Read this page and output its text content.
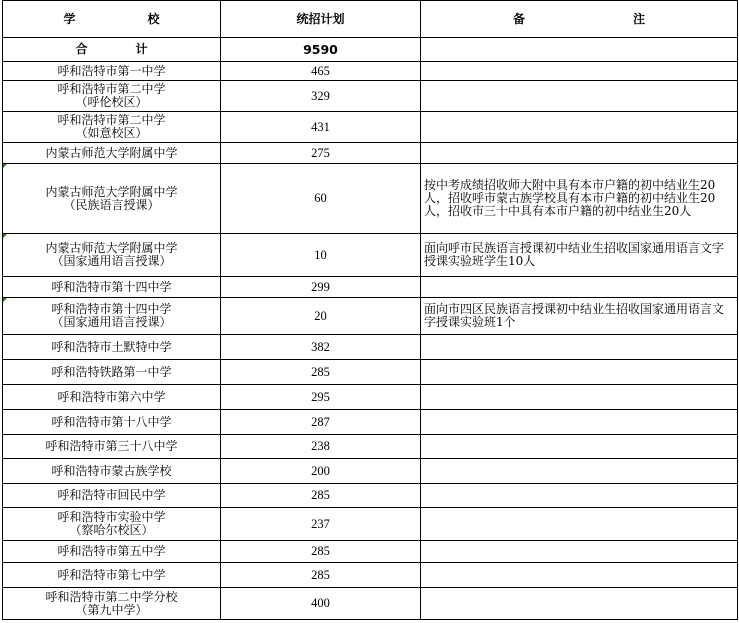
学　　　　　　校	统招计划	备　　　　　　　　　注
合　　　　计	9590	
呼和浩特市第一中学	465	
呼和浩特市第二中学
（呼伦校区）	329	
呼和浩特市第二中学
（如意校区）	431	
内蒙古师范大学附属中学	275	
内蒙古师范大学附属中学
（民族语言授课）	60	按中考成绩招收师大附中具有本市户籍的初中结业生20人，招收呼市蒙古族学校具有本市户籍的初中结业生20人，招收市三十中具有本市户籍的初中结业生20人
内蒙古师范大学附属中学
（国家通用语言授课）	10	面向呼市民族语言授课初中结业生招收国家通用语言文字授课实验班学生10人
呼和浩特市第十四中学	299	
呼和浩特市第十四中学
（国家通用语言授课）	20	面向市四区民族语言授课初中结业生招收国家通用语言文字授课实验班1个
呼和浩特市土默特中学	382	
呼和浩特铁路第一中学	285	
呼和浩特市第六中学	295	
呼和浩特市第十八中学	287	
呼和浩特市第三十八中学	238	
呼和浩特市蒙古族学校	200	
呼和浩特市回民中学	285	
呼和浩特市实验中学
（察哈尔校区）	237	
呼和浩特市第五中学	285	
呼和浩特市第七中学	285	
呼和浩特市第二中学分校
（第九中学）	400	
